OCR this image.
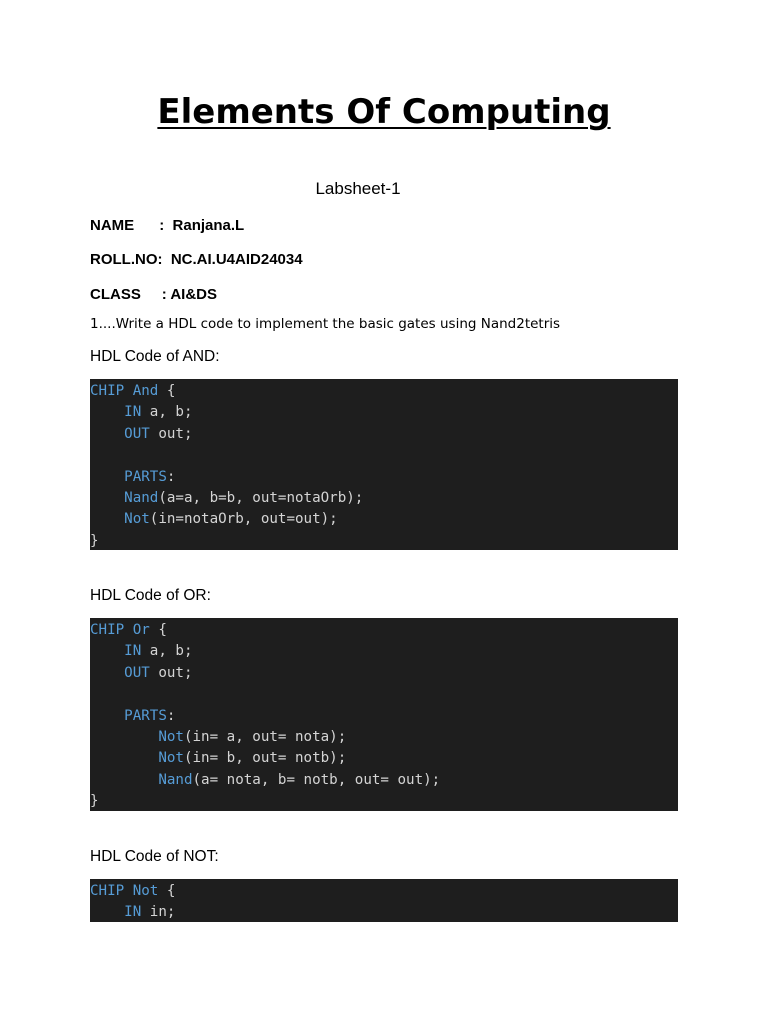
Elements Of Computing
Labsheet-1
NAME : Ranjana.L
ROLL.NO: NC.AI.U4AID24034
CLASS : AI&DS
1....Write a HDL code to implement the basic gates using Nand2tetris
HDL Code of AND:
CHIP And {
IN a, b;
OUT out;

PARTS:
Nand(a=a, b=b, out=notaOrb);
Not(in=notaOrb, out=out);
}
HDL Code of OR:
CHIP Or {
IN a, b;
OUT out;

PARTS:
Not(in= a, out= nota);
Not(in= b, out= notb);
Nand(a= nota, b= notb, out= out);
}
HDL Code of NOT:
CHIP Not {
IN in;
